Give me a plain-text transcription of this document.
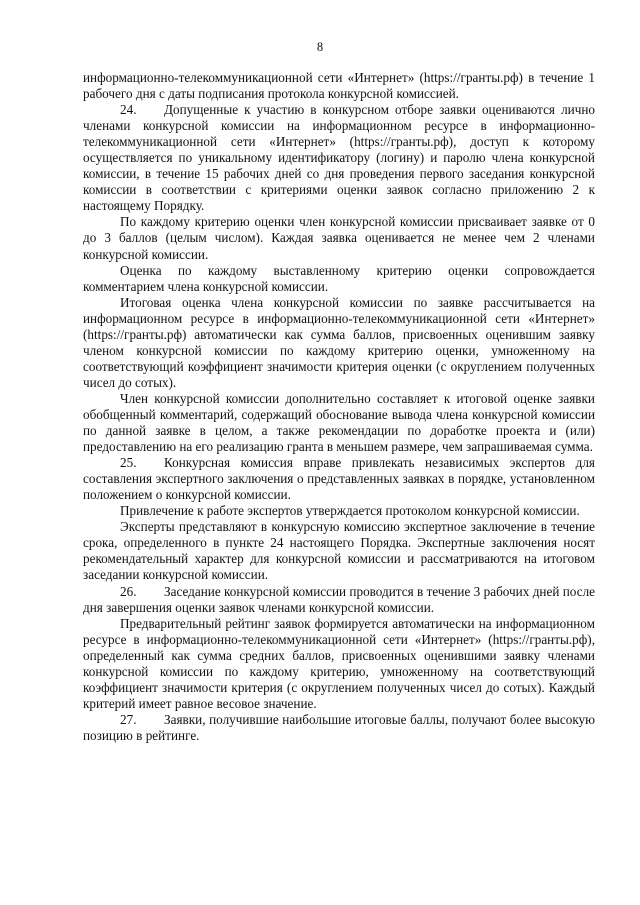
8

информационно-телекоммуникационной сети «Интернет» (https://гранты.рф) в течение 1 рабочего дня с даты подписания протокола конкурсной комиссией.

24. Допущенные к участию в конкурсном отборе заявки оцениваются лично членами конкурсной комиссии на информационном ресурсе в информационно-телекоммуникационной сети «Интернет» (https://гранты.рф), доступ к которому осуществляется по уникальному идентификатору (логину) и паролю члена конкурсной комиссии, в течение 15 рабочих дней со дня проведения первого заседания конкурсной комиссии в соответствии с критериями оценки заявок согласно приложению 2 к настоящему Порядку.

По каждому критерию оценки член конкурсной комиссии присваивает заявке от 0 до 3 баллов (целым числом). Каждая заявка оценивается не менее чем 2 членами конкурсной комиссии.

Оценка по каждому выставленному критерию оценки сопровождается комментарием члена конкурсной комиссии.

Итоговая оценка члена конкурсной комиссии по заявке рассчитывается на информационном ресурсе в информационно-телекоммуникационной сети «Интернет» (https://гранты.рф) автоматически как сумма баллов, присвоенных оценившим заявку членом конкурсной комиссии по каждому критерию оценки, умноженному на соответствующий коэффициент значимости критерия оценки (с округлением полученных чисел до сотых).

Член конкурсной комиссии дополнительно составляет к итоговой оценке заявки обобщенный комментарий, содержащий обоснование вывода члена конкурсной комиссии по данной заявке в целом, а также рекомендации по доработке проекта и (или) предоставлению на его реализацию гранта в меньшем размере, чем запрашиваемая сумма.

25. Конкурсная комиссия вправе привлекать независимых экспертов для составления экспертного заключения о представленных заявках в порядке, установленном положением о конкурсной комиссии.

Привлечение к работе экспертов утверждается протоколом конкурсной комиссии.

Эксперты представляют в конкурсную комиссию экспертное заключение в течение срока, определенного в пункте 24 настоящего Порядка. Экспертные заключения носят рекомендательный характер для конкурсной комиссии и рассматриваются на итоговом заседании конкурсной комиссии.

26. Заседание конкурсной комиссии проводится в течение 3 рабочих дней после дня завершения оценки заявок членами конкурсной комиссии.

Предварительный рейтинг заявок формируется автоматически на информационном ресурсе в информационно-телекоммуникационной сети «Интернет» (https://гранты.рф), определенный как сумма средних баллов, присвоенных оценившими заявку членами конкурсной комиссии по каждому критерию, умноженному на соответствующий коэффициент значимости критерия (с округлением полученных чисел до сотых). Каждый критерий имеет равное весовое значение.

27. Заявки, получившие наибольшие итоговые баллы, получают более высокую позицию в рейтинге.
